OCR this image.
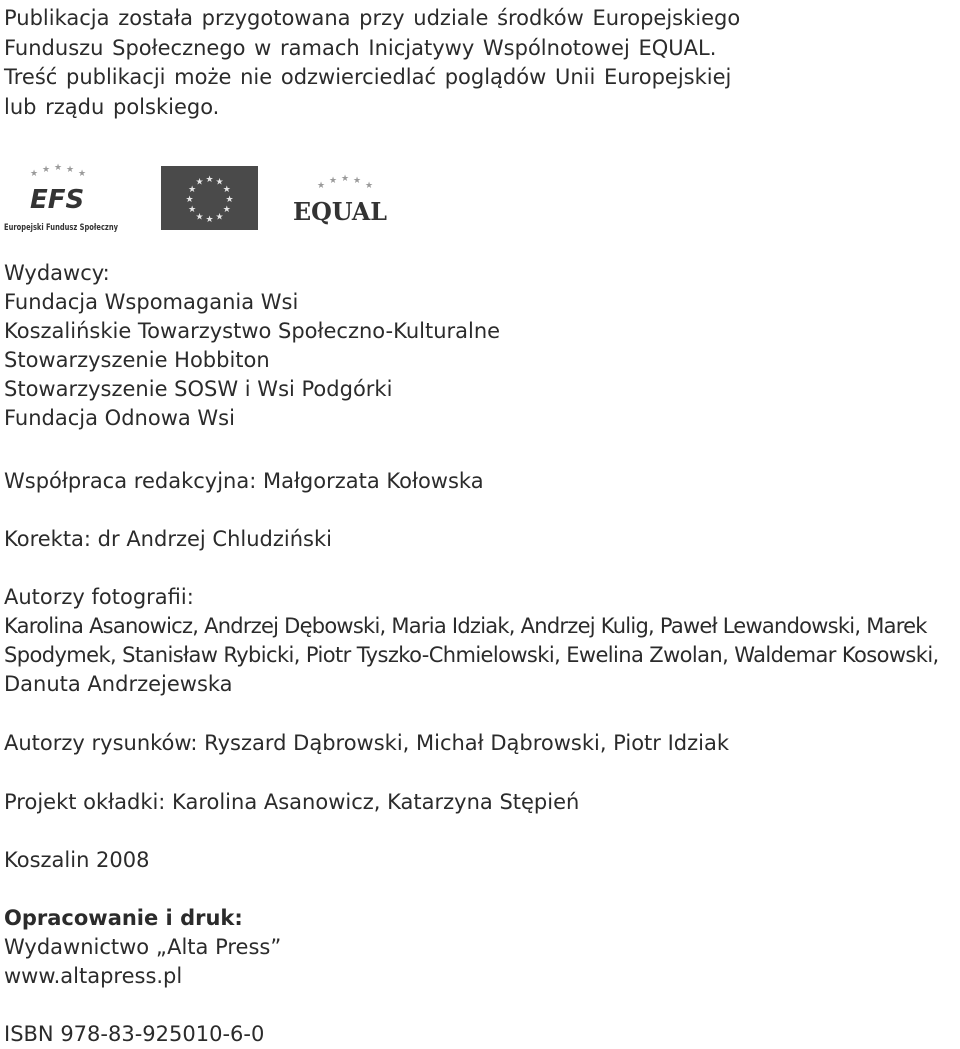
Publikacja została przygotowana przy udziale środków Europejskiego

Funduszu Społecznego w ramach Inicjatywy Wspólnotowej EQUAL.

Treść publikacji może nie odzwierciedlać poglądów Unii Europejskiej

lub rządu polskiego.

★ ★ ★ ★ ★
EFS
Europejski Fundusz Społeczny
★ ★
★
★
★
★
★
★
★
★
★
★	★ ★ ★ ★ ★
EQUAL
Wydawcy:
Fundacja Wspomagania Wsi
Koszalińskie Towarzystwo Społeczno-Kulturalne
Stowarzyszenie Hobbiton
Stowarzyszenie SOSW i Wsi Podgórki
Fundacja Odnowa Wsi
Współpraca redakcyjna: Małgorzata Kołowska
Korekta: dr Andrzej Chludziński
Autorzy fotografii:
Karolina Asanowicz, Andrzej Dębowski, Maria Idziak, Andrzej Kulig, Paweł Lewandowski, Marek
Spodymek, Stanisław Rybicki, Piotr Tyszko-Chmielowski, Ewelina Zwolan, Waldemar Kosowski,
Danuta Andrzejewska
Autorzy rysunków: Ryszard Dąbrowski, Michał Dąbrowski, Piotr Idziak
Projekt okładki: Karolina Asanowicz, Katarzyna Stępień
Koszalin 2008
Opracowanie i druk:
Wydawnictwo „Alta Press”
www.altapress.pl
ISBN 978-83-925010-6-0
